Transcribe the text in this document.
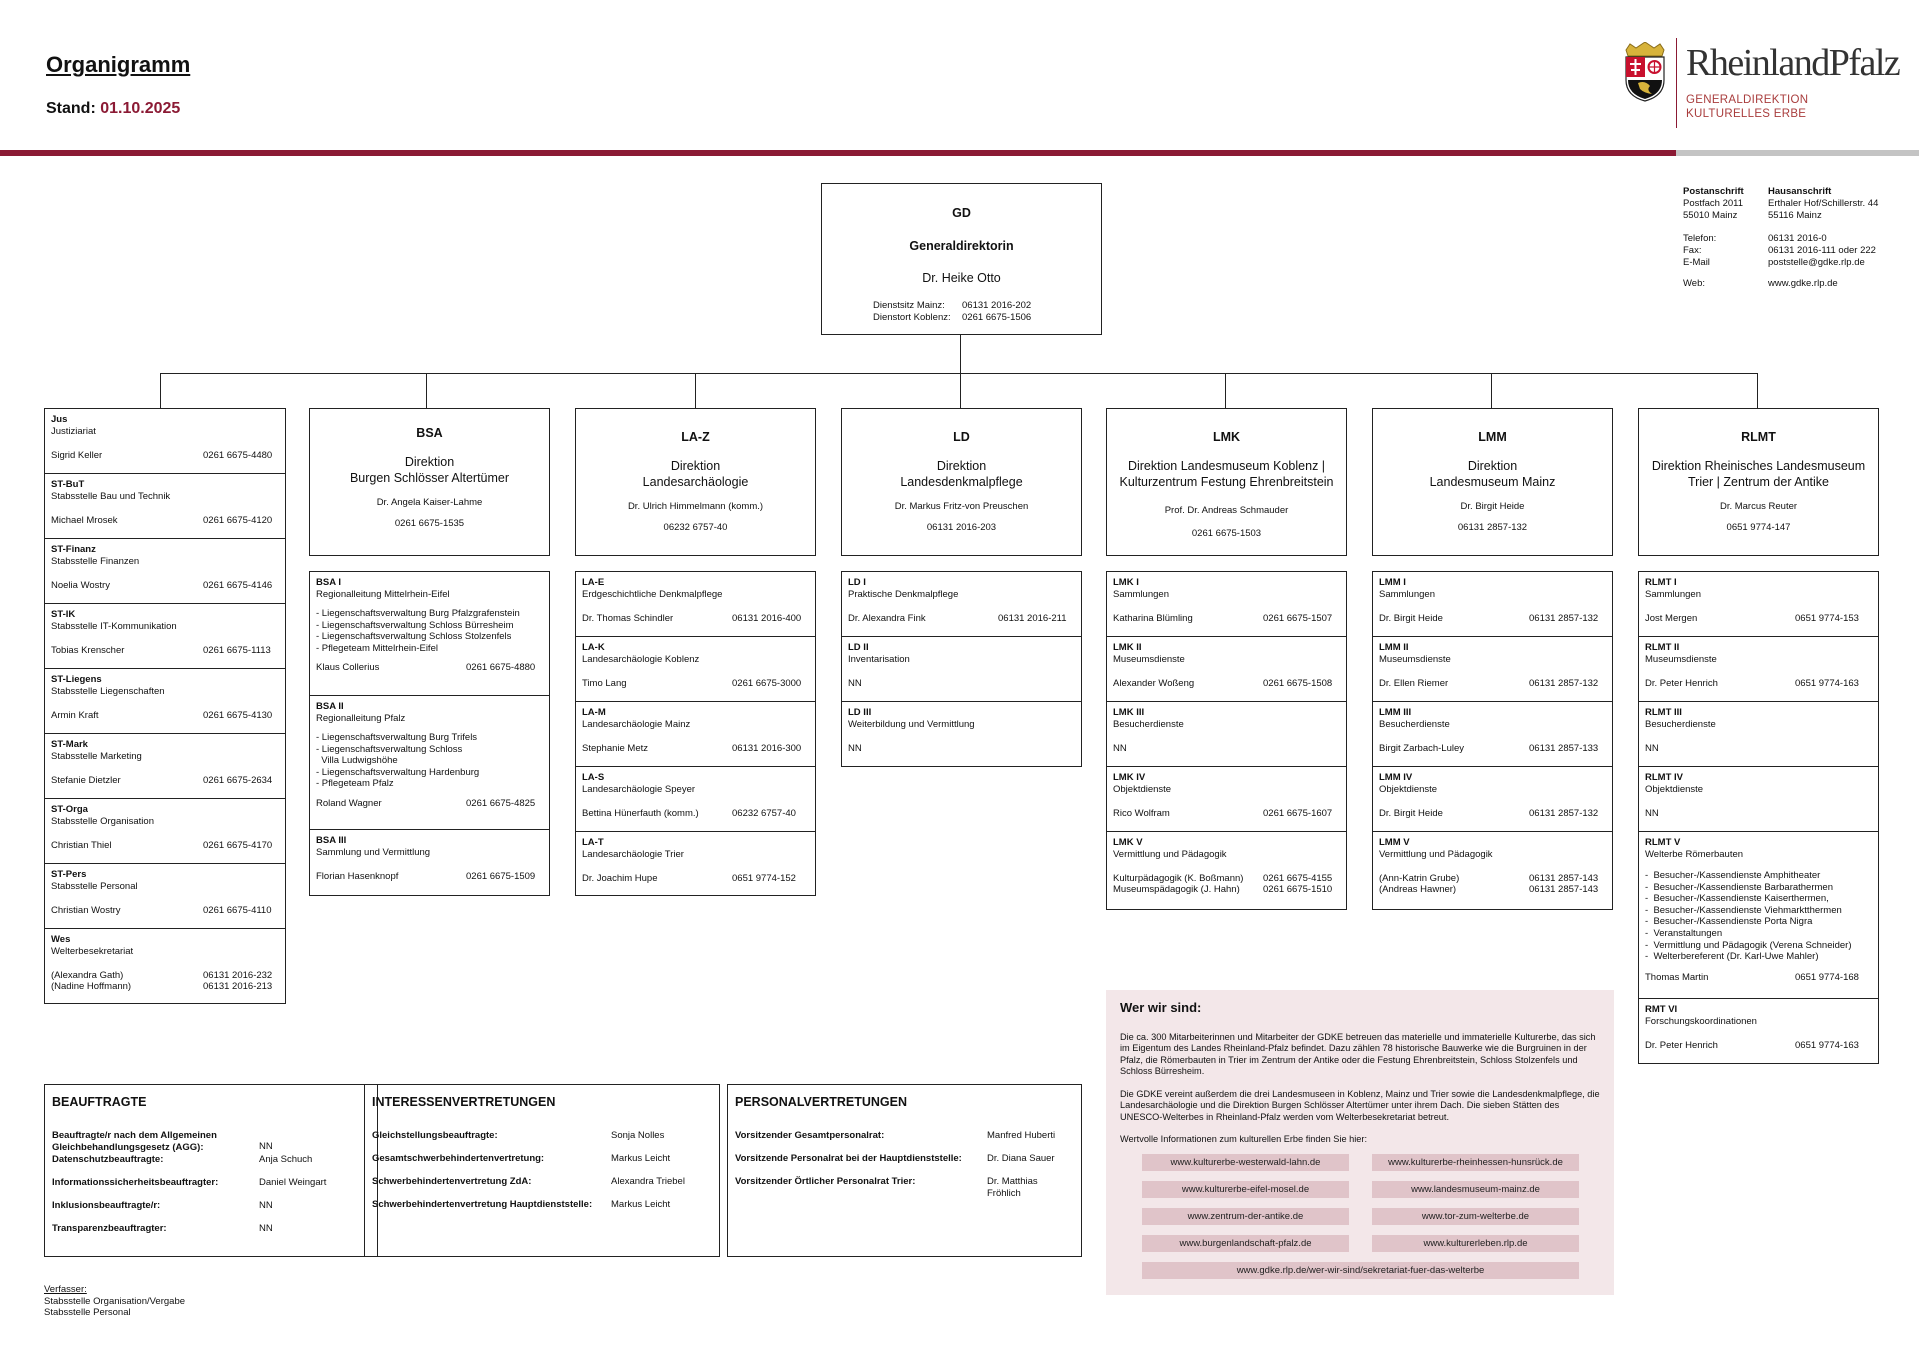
Organigramm
Stand: 01.10.2025
RheinlandPfalz
GENERALDIREKTION
KULTURELLES ERBE
Postanschrift	Hausanschrift
Postfach 2011	Erthaler Hof/Schillerstr. 44
55010 Mainz	55116 Mainz
Telefon:	06131 2016-0
Fax:	06131 2016-111 oder 222
E-Mail	poststelle@gdke.rlp.de
Web:	www.gdke.rlp.de
GD
Generaldirektorin
Dr. Heike Otto
Dienstsitz Mainz: 06131 2016-202
Dienstort Koblenz: 0261 6675-1506
Jus
Justiziariat
Sigrid Keller	0261 6675-4480
ST-BuT
Stabsstelle Bau und Technik
Michael Mrosek	0261 6675-4120
ST-Finanz
Stabsstelle Finanzen
Noelia Wostry	0261 6675-4146
ST-IK
Stabsstelle IT-Kommunikation
Tobias Krenscher	0261 6675-1113
ST-Liegens
Stabsstelle Liegenschaften
Armin Kraft	0261 6675-4130
ST-Mark
Stabsstelle Marketing
Stefanie Dietzler	0261 6675-2634
ST-Orga
Stabsstelle Organisation
Christian Thiel	0261 6675-4170
ST-Pers
Stabsstelle Personal
Christian Wostry	0261 6675-4110
Wes
Welterbesekretariat
(Alexandra Gath)	06131 2016-232
(Nadine Hoffmann)	06131 2016-213
BSA
Direktion
Burgen Schlösser Altertümer
Dr. Angela Kaiser-Lahme
0261 6675-1535
LA-Z
Direktion
Landesarchäologie
Dr. Ulrich Himmelmann (komm.)
06232 6757-40
LD
Direktion
Landesdenkmalpflege
Dr. Markus Fritz-von Preuschen
06131 2016-203
LMK
Direktion Landesmuseum Koblenz |
Kulturzentrum Festung Ehrenbreitstein
Prof. Dr. Andreas Schmauder
0261 6675-1503
LMM
Direktion
Landesmuseum Mainz
Dr. Birgit Heide
06131 2857-132
RLMT
Direktion Rheinisches Landesmuseum
Trier | Zentrum der Antike
Dr. Marcus Reuter
0651 9774-147
BSA I
Regionalleitung Mittelrhein-Eifel
- Liegenschaftsverwaltung Burg Pfalzgrafenstein
- Liegenschaftsverwaltung Schloss Bürresheim
- Liegenschaftsverwaltung Schloss Stolzenfels
- Pflegeteam Mittelrhein-Eifel
Klaus Collerius	0261 6675-4880
BSA II
Regionalleitung Pfalz
- Liegenschaftsverwaltung Burg Trifels
- Liegenschaftsverwaltung Schloss
Villa Ludwigshöhe
- Liegenschaftsverwaltung Hardenburg
- Pflegeteam Pfalz
Roland Wagner	0261 6675-4825
BSA III
Sammlung und Vermittlung
Florian Hasenknopf	0261 6675-1509
LA-E
Erdgeschichtliche Denkmalpflege
Dr. Thomas Schindler	06131 2016-400
LA-K
Landesarchäologie Koblenz
Timo Lang	0261 6675-3000
LA-M
Landesarchäologie Mainz
Stephanie Metz	06131 2016-300
LA-S
Landesarchäologie Speyer
Bettina Hünerfauth (komm.)	06232 6757-40
LA-T
Landesarchäologie Trier
Dr. Joachim Hupe	0651 9774-152
LD I
Praktische Denkmalpflege
Dr. Alexandra Fink	06131 2016-211
LD II
Inventarisation
NN
LD III
Weiterbildung und Vermittlung
NN
LMK I
Sammlungen
Katharina Blümling	0261 6675-1507
LMK II
Museumsdienste
Alexander Woßeng	0261 6675-1508
LMK III
Besucherdienste
NN
LMK IV
Objektdienste
Rico Wolfram	0261 6675-1607
LMK V
Vermittlung und Pädagogik
Kulturpädagogik (K. Boßmann) 0261 6675-4155
Museumspädagogik (J. Hahn) 0261 6675-1510
LMM I
Sammlungen
Dr. Birgit Heide	06131 2857-132
LMM II
Museumsdienste
Dr. Ellen Riemer	06131 2857-132
LMM III
Besucherdienste
Birgit Zarbach-Luley	06131 2857-133
LMM IV
Objektdienste
Dr. Birgit Heide	06131 2857-132
LMM V
Vermittlung und Pädagogik
(Ann-Katrin Grube)	06131 2857-143
(Andreas Hawner)	06131 2857-143
RLMT I
Sammlungen
Jost Mergen	0651 9774-153
RLMT II
Museumsdienste
Dr. Peter Henrich	0651 9774-163
RLMT III
Besucherdienste
NN
RLMT IV
Objektdienste
NN
RLMT V
Welterbe Römerbauten
-  Besucher-/Kassendienste Amphitheater
-  Besucher-/Kassendienste Barbarathermen
-  Besucher-/Kassendienste Kaiserthermen,
-  Besucher-/Kassendienste Viehmarktthermen
-  Besucher-/Kassendienste Porta Nigra
-  Veranstaltungen
-  Vermittlung und Pädagogik (Verena Schneider)
-  Welterbereferent (Dr. Karl-Uwe Mahler)
Thomas Martin	0651 9774-168
RMT VI
Forschungskoordinationen
Dr. Peter Henrich	0651 9774-163
Wer wir sind:

Die ca. 300 Mitarbeiterinnen und Mitarbeiter der GDKE betreuen das materielle und immaterielle Kulturerbe, das sich im Eigentum des Landes Rheinland-Pfalz befindet. Dazu zählen 78 historische Bauwerke wie die Burgruinen in der Pfalz, die Römerbauten in Trier im Zentrum der Antike oder die Festung Ehrenbreitstein, Schloss Stolzenfels und Schloss Bürresheim.

Die GDKE vereint außerdem die drei Landesmuseen in Koblenz, Mainz und Trier sowie die Landesdenkmalpflege, die Landesarchäologie und die Direktion Burgen Schlösser Altertümer unter ihrem Dach. Die sieben Stätten des UNESCO-Welterbes in Rheinland-Pfalz werden vom Welterbesekretariat betreut.

Wertvolle Informationen zum kulturellen Erbe finden Sie hier:

www.kulturerbe-westerwald-lahn.de	www.kulturerbe-rheinhessen-hunsrück.de
www.kulturerbe-eifel-mosel.de	www.landesmuseum-mainz.de
www.zentrum-der-antike.de	www.tor-zum-welterbe.de
www.burgenlandschaft-pfalz.de	www.kulturerleben.rlp.de
www.gdke.rlp.de/wer-wir-sind/sekretariat-fuer-das-welterbe
BEAUFTRAGTE
Beauftragte/r nach dem Allgemeinen
Gleichbehandlungsgesetz (AGG):	NN
Datenschutzbeauftragte:	Anja Schuch
Informationssicherheitsbeauftragter:	Daniel Weingart
Inklusionsbeauftragte/r:	NN
Transparenzbeauftragter:	NN
INTERESSENVERTRETUNGEN
Gleichstellungsbeauftragte:	Sonja Nolles
Gesamtschwerbehindertenvertretung:	Markus Leicht
Schwerbehindertenvertretung ZdA:	Alexandra Triebel
Schwerbehindertenvertretung Hauptdienststelle: Markus Leicht
PERSONALVERTRETUNGEN
Vorsitzender Gesamtpersonalrat:	Manfred Huberti
Vorsitzende Personalrat bei der Hauptdienststelle:	Dr. Diana Sauer
Vorsitzender Örtlicher Personalrat Trier:	Dr. Matthias Fröhlich
Verfasser:
Stabsstelle Organisation/Vergabe
Stabsstelle Personal
